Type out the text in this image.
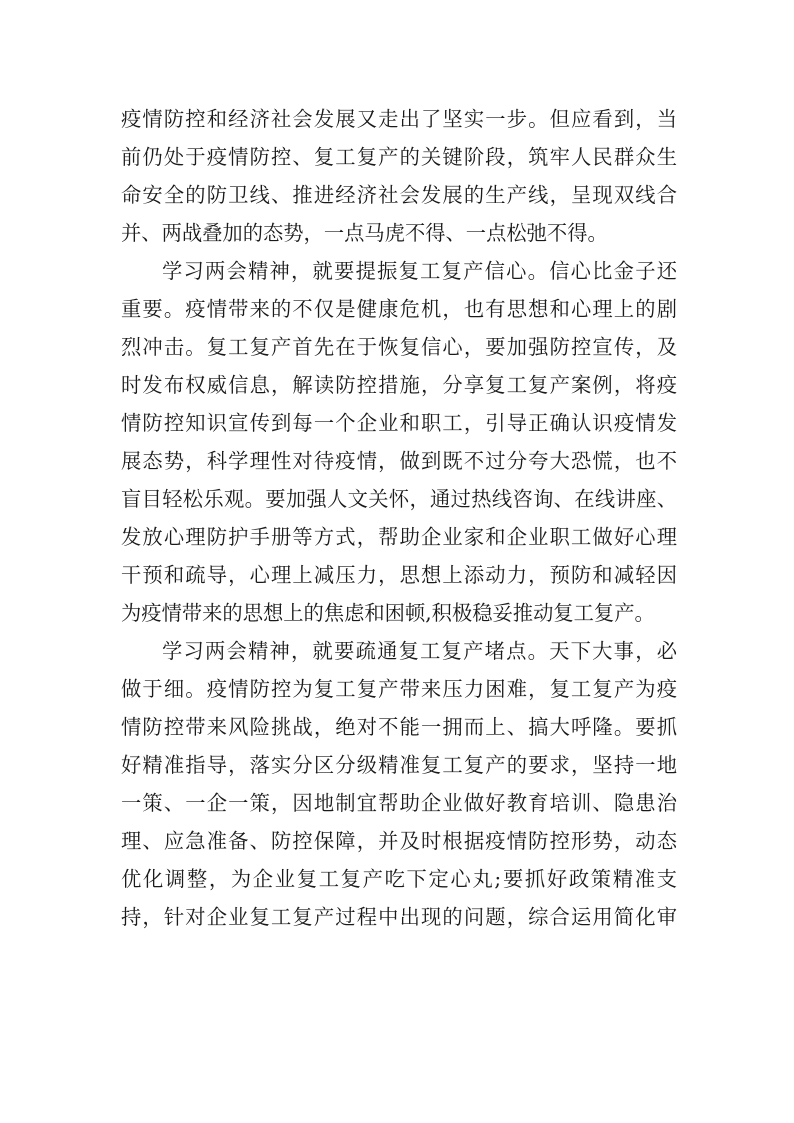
疫情防控和经济社会发展又走出了坚实一步。但应看到，当
前仍处于疫情防控、复工复产的关键阶段，筑牢人民群众生
命安全的防卫线、推进经济社会发展的生产线，呈现双线合
并、两战叠加的态势，一点马虎不得、一点松弛不得。
学习两会精神，就要提振复工复产信心。信心比金子还
重要。疫情带来的不仅是健康危机，也有思想和心理上的剧
烈冲击。复工复产首先在于恢复信心，要加强防控宣传，及
时发布权威信息，解读防控措施，分享复工复产案例，将疫
情防控知识宣传到每一个企业和职工，引导正确认识疫情发
展态势，科学理性对待疫情，做到既不过分夸大恐慌，也不
盲目轻松乐观。要加强人文关怀，通过热线咨询、在线讲座、
发放心理防护手册等方式，帮助企业家和企业职工做好心理
干预和疏导，心理上减压力，思想上添动力，预防和减轻因
为疫情带来的思想上的焦虑和困顿,积极稳妥推动复工复产。
学习两会精神，就要疏通复工复产堵点。天下大事，必
做于细。疫情防控为复工复产带来压力困难，复工复产为疫
情防控带来风险挑战，绝对不能一拥而上、搞大呼隆。要抓
好精准指导，落实分区分级精准复工复产的要求，坚持一地
一策、一企一策，因地制宜帮助企业做好教育培训、隐患治
理、应急准备、防控保障，并及时根据疫情防控形势，动态
优化调整，为企业复工复产吃下定心丸;要抓好政策精准支
持，针对企业复工复产过程中出现的问题，综合运用简化审
